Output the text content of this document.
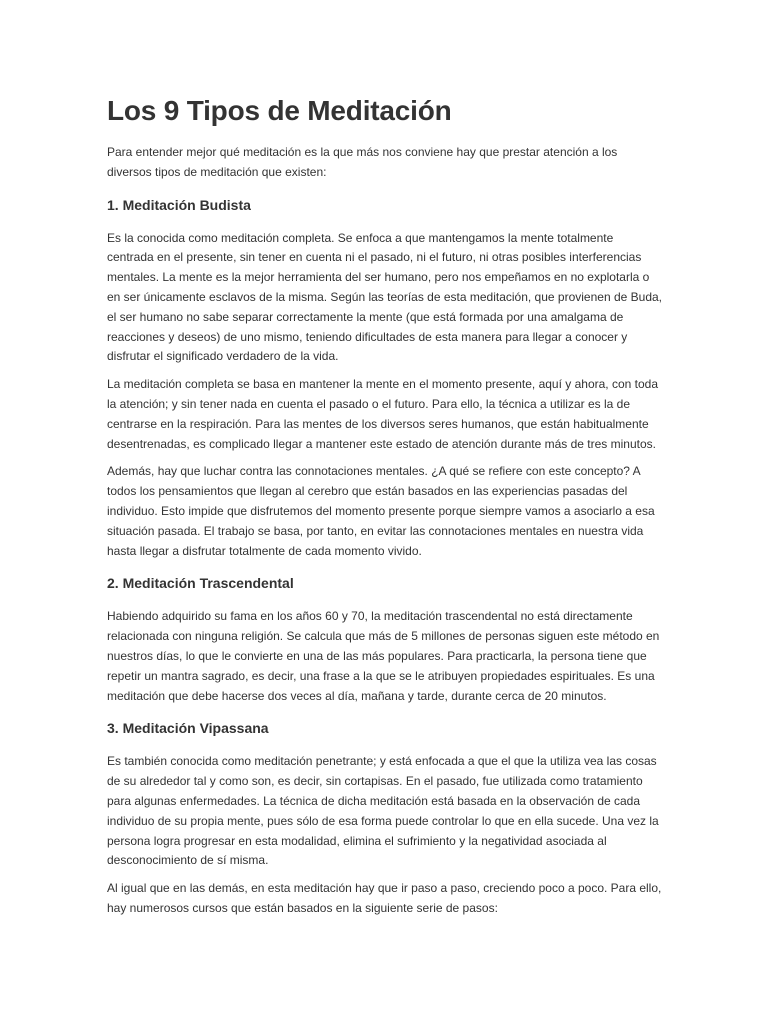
Los 9 Tipos de Meditación

Para entender mejor qué meditación es la que más nos conviene hay que prestar atención a los diversos tipos de meditación que existen:

1. Meditación Budista

Es la conocida como meditación completa. Se enfoca a que mantengamos la mente totalmente centrada en el presente, sin tener en cuenta ni el pasado, ni el futuro, ni otras posibles interferencias mentales. La mente es la mejor herramienta del ser humano, pero nos empeñamos en no explotarla o en ser únicamente esclavos de la misma. Según las teorías de esta meditación, que provienen de Buda, el ser humano no sabe separar correctamente la mente (que está formada por una amalgama de reacciones y deseos) de uno mismo, teniendo dificultades de esta manera para llegar a conocer y disfrutar el significado verdadero de la vida.

La meditación completa se basa en mantener la mente en el momento presente, aquí y ahora, con toda la atención; y sin tener nada en cuenta el pasado o el futuro. Para ello, la técnica a utilizar es la de centrarse en la respiración. Para las mentes de los diversos seres humanos, que están habitualmente desentrenadas, es complicado llegar a mantener este estado de atención durante más de tres minutos.

Además, hay que luchar contra las connotaciones mentales. ¿A qué se refiere con este concepto? A todos los pensamientos que llegan al cerebro que están basados en las experiencias pasadas del individuo. Esto impide que disfrutemos del momento presente porque siempre vamos a asociarlo a esa situación pasada. El trabajo se basa, por tanto, en evitar las connotaciones mentales en nuestra vida hasta llegar a disfrutar totalmente de cada momento vivido.

2. Meditación Trascendental

Habiendo adquirido su fama en los años 60 y 70, la meditación trascendental no está directamente relacionada con ninguna religión. Se calcula que más de 5 millones de personas siguen este método en nuestros días, lo que le convierte en una de las más populares. Para practicarla, la persona tiene que repetir un mantra sagrado, es decir, una frase a la que se le atribuyen propiedades espirituales. Es una meditación que debe hacerse dos veces al día, mañana y tarde, durante cerca de 20 minutos.

3. Meditación Vipassana

Es también conocida como meditación penetrante; y está enfocada a que el que la utiliza vea las cosas de su alrededor tal y como son, es decir, sin cortapisas. En el pasado, fue utilizada como tratamiento para algunas enfermedades. La técnica de dicha meditación está basada en la observación de cada individuo de su propia mente, pues sólo de esa forma puede controlar lo que en ella sucede. Una vez la persona logra progresar en esta modalidad, elimina el sufrimiento y la negatividad asociada al desconocimiento de sí misma.

Al igual que en las demás, en esta meditación hay que ir paso a paso, creciendo poco a poco. Para ello, hay numerosos cursos que están basados en la siguiente serie de pasos:
